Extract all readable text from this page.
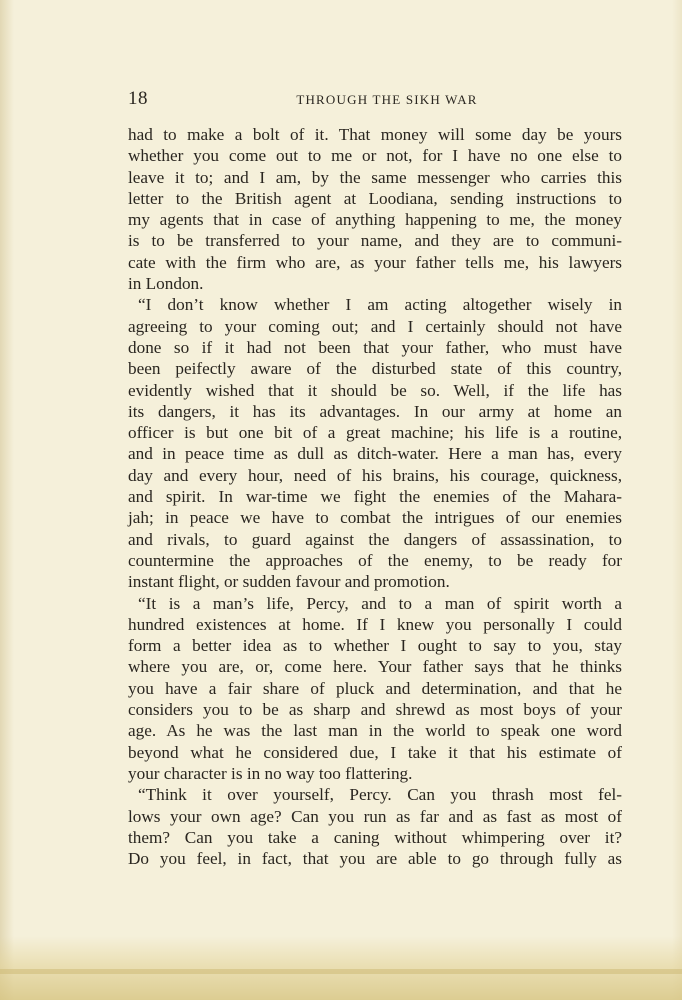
18	THROUGH THE SIKH WAR
had to make a bolt of it. That money will some day be yours
whether you come out to me or not, for I have no one else to
leave it to; and I am, by the same messenger who carries this
letter to the British agent at Loodiana, sending instructions to
my agents that in case of anything happening to me, the money
is to be transferred to your name, and they are to communi-
cate with the firm who are, as your father tells me, his lawyers
in London.
“I don’t know whether I am acting altogether wisely in
agreeing to your coming out; and I certainly should not have
done so if it had not been that your father, who must have
been peifectly aware of the disturbed state of this country,
evidently wished that it should be so. Well, if the life has
its dangers, it has its advantages. In our army at home an
officer is but one bit of a great machine; his life is a routine,
and in peace time as dull as ditch-water. Here a man has, every
day and every hour, need of his brains, his courage, quickness,
and spirit. In war-time we fight the enemies of the Mahara-
jah; in peace we have to combat the intrigues of our enemies
and rivals, to guard against the dangers of assassination, to
countermine the approaches of the enemy, to be ready for
instant flight, or sudden favour and promotion.
“It is a man’s life, Percy, and to a man of spirit worth a
hundred existences at home. If I knew you personally I could
form a better idea as to whether I ought to say to you, stay
where you are, or, come here. Your father says that he thinks
you have a fair share of pluck and determination, and that he
considers you to be as sharp and shrewd as most boys of your
age. As he was the last man in the world to speak one word
beyond what he considered due, I take it that his estimate of
your character is in no way too flattering.
“Think it over yourself, Percy. Can you thrash most fel-
lows your own age? Can you run as far and as fast as most of
them? Can you take a caning without whimpering over it?
Do you feel, in fact, that you are able to go through fully as
